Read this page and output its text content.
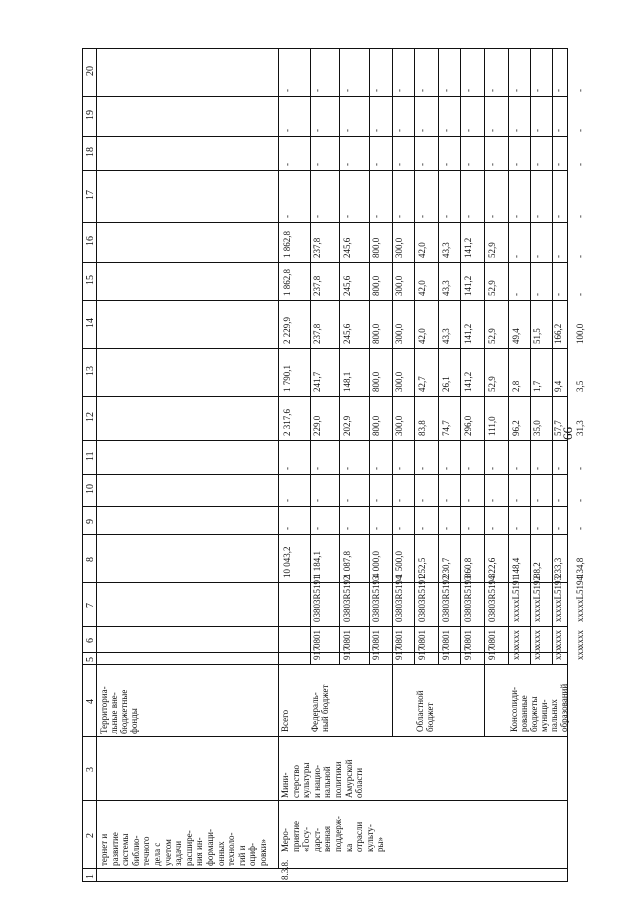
66
1
2
3
4
5
6
7
8
9
10
11
12
13
14
15
16
17
18
19
20
тернет и развитие системы библио- течного дела с учетом задачи расшире- ния ин- формаци- онных техноло- гий и оциф- ровки»
Территориа- льные вне- бюджетные фонды
8.3.8.
Меро- приятие «Госу- дарст- венная поддерж- ка отрасли культу- ры»
Мини- стерство культуры и нацио- нальной политики Амурской области
Всего
10 043,2
-
-
-
2 317,6
1 790,1
2 229,9
1 862,8
1 862,8
-
-
-
-
Федераль- ный бюджет
917
0801
03803R5191
1 184,1
-
-
-
229,0
241,7
237,8
237,8
237,8
-
-
-
-
917
0801
03803R5192
1 087,8
-
-
-
202,9
148,1
245,6
245,6
245,6
-
-
-
-
917
0801
03803R5193
4 000,0
-
-
-
800,0
800,0
800,0
800,0
800,0
-
-
-
-
917
0801
03803R5194
1 500,0
-
-
-
300,0
300,0
300,0
300,0
300,0
-
-
-
-
Областной бюджет
917
0801
03803R5191
252,5
-
-
-
83,8
42,7
42,0
42,0
42,0
-
-
-
-
917
0801
03803R5192
230,7
-
-
-
74,7
26,1
43,3
43,3
43,3
-
-
-
-
917
0801
03803R5193
860,8
-
-
-
296,0
141,2
141,2
141,2
141,2
-
-
-
-
917
0801
03803R5194
322,6
-
-
-
111,0
52,9
52,9
52,9
52,9
-
-
-
-
Консолиди- рованные бюджеты муници- пальных образований
xxx
xxxx
xxxxxL5191
148,4
-
-
-
96,2
2,8
49,4
-
-
-
-
-
-
xxx
xxxx
xxxxxL5192
88,2
-
-
-
35,0
1,7
51,5
-
-
-
-
-
-
xxx
xxxx
xxxxxL5193
233,3
-
-
-
57,7
9,4
166,2
-
-
-
-
-
-
xxx
xxxx
xxxxxL5194
134,8
-
-
-
31,3
3,5
100,0
-
-
-
-
-
-
